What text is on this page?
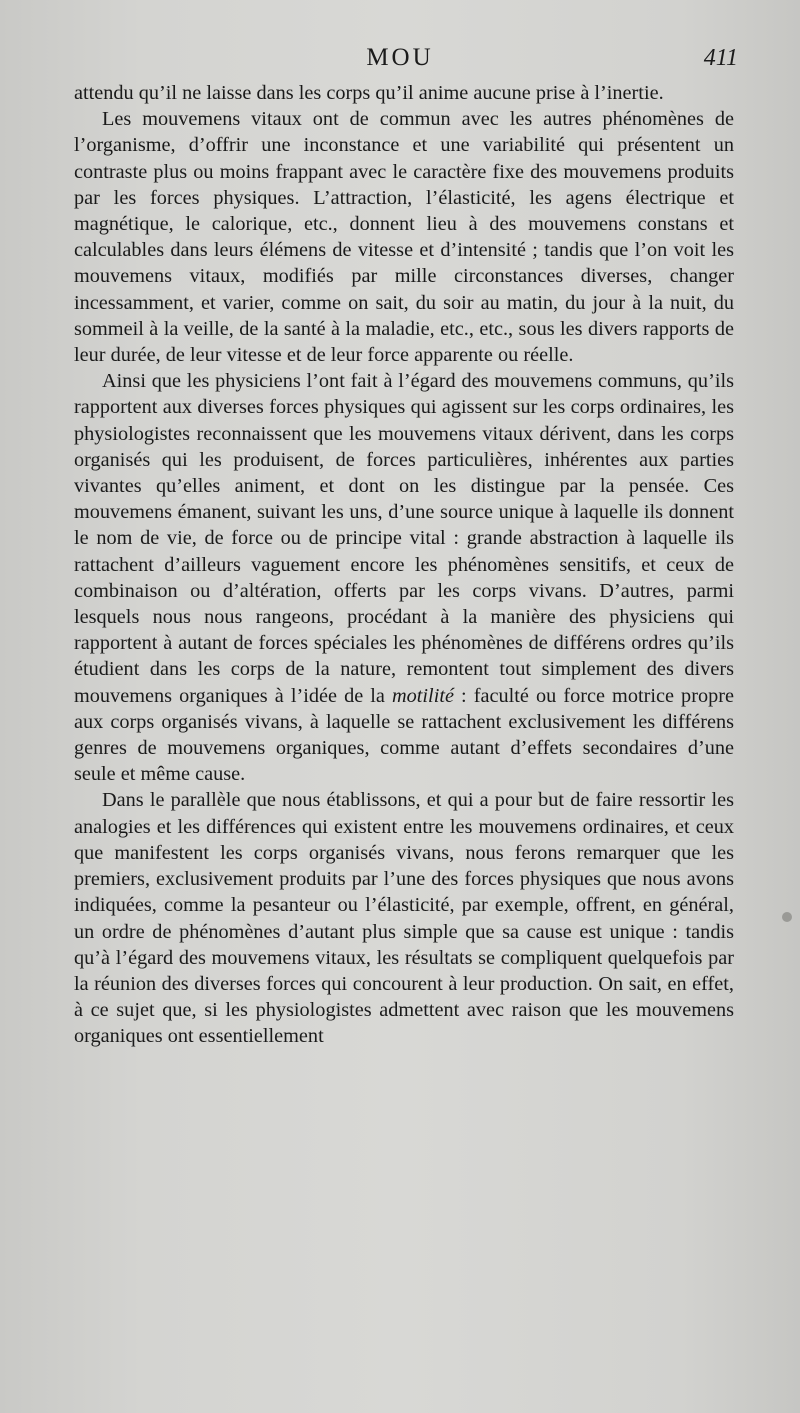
MOU	411

attendu qu’il ne laisse dans les corps qu’il anime aucune prise à l’inertie.

Les mouvemens vitaux ont de commun avec les autres phénomènes de l’organisme, d’offrir une inconstance et une variabilité qui présentent un contraste plus ou moins frappant avec le caractère fixe des mouvemens produits par les forces physiques. L’attraction, l’élasticité, les agens électrique et magnétique, le calorique, etc., donnent lieu à des mouvemens constans et calculables dans leurs élémens de vitesse et d’intensité ; tandis que l’on voit les mouvemens vitaux, modifiés par mille circonstances diverses, changer incessamment, et varier, comme on sait, du soir au matin, du jour à la nuit, du sommeil à la veille, de la santé à la maladie, etc., etc., sous les divers rapports de leur durée, de leur vitesse et de leur force apparente ou réelle.

Ainsi que les physiciens l’ont fait à l’égard des mouvemens communs, qu’ils rapportent aux diverses forces physiques qui agissent sur les corps ordinaires, les physiologistes reconnaissent que les mouvemens vitaux dérivent, dans les corps organisés qui les produisent, de forces particulières, inhérentes aux parties vivantes qu’elles animent, et dont on les distingue par la pensée. Ces mouvemens émanent, suivant les uns, d’une source unique à laquelle ils donnent le nom de vie, de force ou de principe vital : grande abstraction à laquelle ils rattachent d’ailleurs vaguement encore les phénomènes sensitifs, et ceux de combinaison ou d’altération, offerts par les corps vivans. D’autres, parmi lesquels nous nous rangeons, procédant à la manière des physiciens qui rapportent à autant de forces spéciales les phénomènes de différens ordres qu’ils étudient dans les corps de la nature, remontent tout simplement des divers mouvemens organiques à l’idée de la motilité : faculté ou force motrice propre aux corps organisés vivans, à laquelle se rattachent exclusivement les différens genres de mouvemens organiques, comme autant d’effets secondaires d’une seule et même cause.

Dans le parallèle que nous établissons, et qui a pour but de faire ressortir les analogies et les différences qui existent entre les mouvemens ordinaires, et ceux que manifestent les corps organisés vivans, nous ferons remarquer que les premiers, exclusivement produits par l’une des forces physiques que nous avons indiquées, comme la pesanteur ou l’élasticité, par exemple, offrent, en général, un ordre de phénomènes d’autant plus simple que sa cause est unique : tandis qu’à l’égard des mouvemens vitaux, les résultats se compliquent quelquefois par la réunion des diverses forces qui concourent à leur production. On sait, en effet, à ce sujet que, si les physiologistes admettent avec raison que les mouvemens organiques ont essentiellement
